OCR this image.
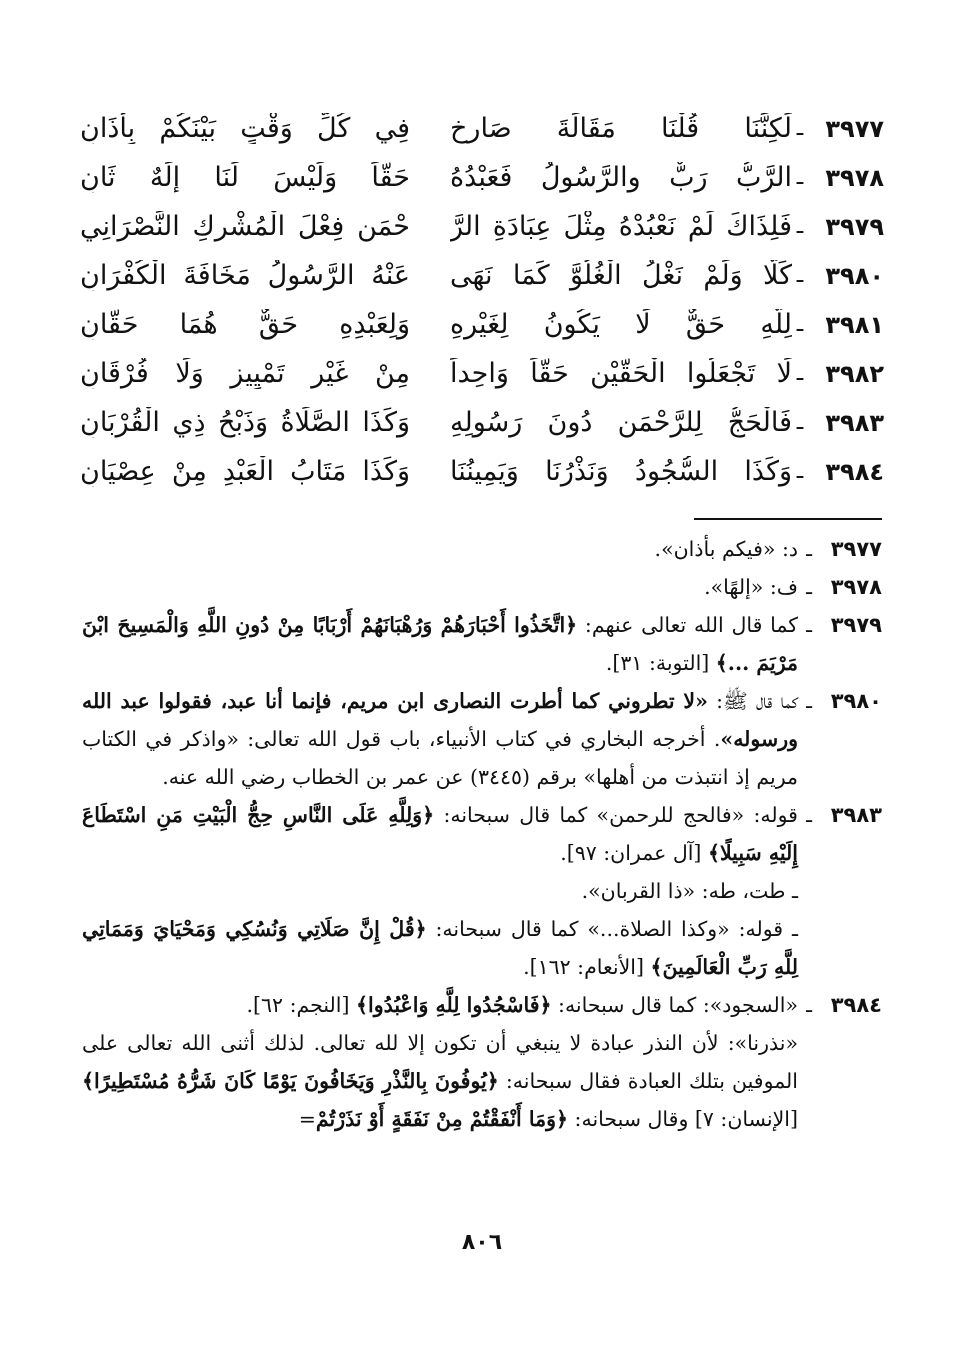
٣٩٧٧
ـ
لَكِنَّنَا قُلْنَا مَقَالَةَ صَارِخٍ
فِي كُلِّ وَقْتٍ بَيْنَكُمْ بِأَذَانِ
٣٩٧٨
ـ
الرَّبُّ رَبٌّ والرَّسُولُ فَعَبْدُهُ
حَقّاً وَلَيْسَ لَنَا إِلَهٌ ثَانِ
٣٩٧٩
ـ
فَلِذَاكَ لَمْ نَعْبُدْهُ مِثْلَ عِبَادَةِ الرَّ
حْمَنِ فِعْلَ الْمُشْرِكِ النَّصْرَانِي
٣٩٨٠
ـ
كَلَّا وَلَمْ نَغْلُ الْغُلُوَّ كَمَا نَهَى
عَنْهُ الرَّسُولُ مَخَافَةَ الْكُفْرَانِ
٣٩٨١
ـ
لِلَّهِ حَقٌّ لَا يَكُونُ لِغَيْرِهِ
وَلِعَبْدِهِ حَقٌّ هُمَا حَقَّانِ
٣٩٨٢
ـ
لَا تَجْعَلُوا الْحَقَّيْنِ حَقّاً وَاحِداً
مِنْ غَيْرِ تَمْيِيزٍ وَلَا فُرْقَانِ
٣٩٨٣
ـ
فَالْحَجُّ لِلرَّحْمَنِ دُونَ رَسُولِهِ
وَكَذَا الصَّلَاةُ وَذَبْحُ ذِي الْقُرْبَانِ
٣٩٨٤
ـ
وَكَذَا السُّجُودُ وَنَذْرُنَا وَيَمِينُنَا
وَكَذَا مَتَابُ الْعَبْدِ مِنْ عِصْيَانِ
٣٩٧٧
ـ
د: «فيكم بأذان».
٣٩٧٨
ـ
ف: «إلهًا».
٣٩٧٩
ـ
كما قال الله تعالى عنهم: ﴿اتَّخَذُوا أَحْبَارَهُمْ وَرُهْبَانَهُمْ أَرْبَابًا مِنْ دُونِ اللَّهِ وَالْمَسِيحَ ابْنَ مَرْيَمَ ...﴾ [التوبة: ٣١].
٣٩٨٠
ـ
كما قال ﷺ: «لا تطروني كما أطرت النصارى ابن مريم، فإنما أنا عبد، فقولوا عبد الله ورسوله». أخرجه البخاري في كتاب الأنبياء، باب قول الله تعالى: «واذكر في الكتاب مريم إذ انتبذت من أهلها» برقم (٣٤٤٥) عن عمر بن الخطاب رضي الله عنه.
٣٩٨٣
ـ
قوله: «فالحج للرحمن» كما قال سبحانه: ﴿وَلِلَّهِ عَلَى النَّاسِ حِجُّ الْبَيْتِ مَنِ اسْتَطَاعَ إِلَيْهِ سَبِيلًا﴾ [آل عمران: ٩٧].
ـ طت، طه: «ذا القربان».
ـ قوله: «وكذا الصلاة...» كما قال سبحانه: ﴿قُلْ إِنَّ صَلَاتِي وَنُسُكِي وَمَحْيَايَ وَمَمَاتِي لِلَّهِ رَبِّ الْعَالَمِينَ﴾ [الأنعام: ١٦٢].
٣٩٨٤
ـ
«السجود»: كما قال سبحانه: ﴿فَاسْجُدُوا لِلَّهِ وَاعْبُدُوا﴾ [النجم: ٦٢].
«نذرنا»: لأن النذر عبادة لا ينبغي أن تكون إلا لله تعالى. لذلك أثنى الله تعالى على الموفين بتلك العبادة فقال سبحانه: ﴿يُوفُونَ بِالنَّذْرِ وَيَخَافُونَ يَوْمًا كَانَ شَرُّهُ مُسْتَطِيرًا﴾ [الإنسان: ٧] وقال سبحانه: ﴿وَمَا أَنْفَقْتُمْ مِنْ نَفَقَةٍ أَوْ نَذَرْتُمْ=
٨٠٦
